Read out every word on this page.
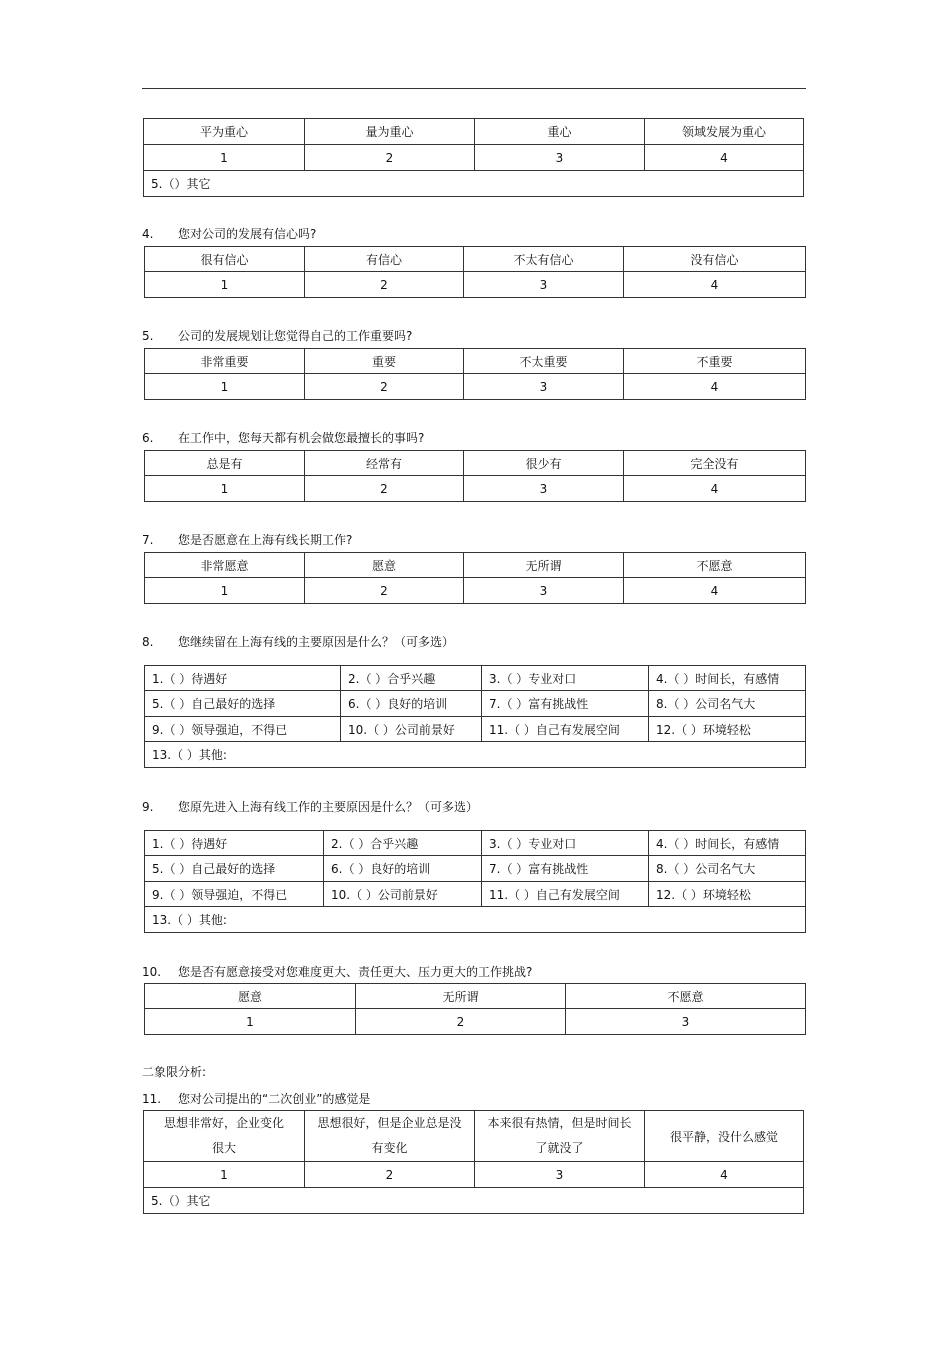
平为重心	量为重心	重心	领域发展为重心
1	2	3	4
5.（）其它			
4. 您对公司的发展有信心吗?
很有信心	有信心	不太有信心	没有信心
1	2	3	4
5. 公司的发展规划让您觉得自己的工作重要吗?
非常重要	重要	不太重要	不重要
1	2	3	4
6. 在工作中，您每天都有机会做您最擅长的事吗?
总是有	经常有	很少有	完全没有
1	2	3	4
7. 您是否愿意在上海有线长期工作?
非常愿意	愿意	无所谓	不愿意
1	2	3	4
8. 您继续留在上海有线的主要原因是什么？（可多选）
1.（ ）待遇好	2.（ ）合乎兴趣	3.（ ）专业对口	4.（ ）时间长，有感情
5.（ ）自己最好的选择	6.（ ）良好的培训	7.（ ）富有挑战性	8.（ ）公司名气大
9.（ ）领导强迫，不得已	10.（ ）公司前景好	11.（ ）自己有发展空间	12.（ ）环境轻松
13.（ ）其他:			
9. 您原先进入上海有线工作的主要原因是什么？（可多选）
1.（ ）待遇好	2.（ ）合乎兴趣	3.（ ）专业对口	4.（ ）时间长，有感情
5.（ ）自己最好的选择	6.（ ）良好的培训	7.（ ）富有挑战性	8.（ ）公司名气大
9.（ ）领导强迫，不得已	10.（ ）公司前景好	11.（ ）自己有发展空间	12.（ ）环境轻松
13.（ ）其他:			
10. 您是否有愿意接受对您难度更大、责任更大、压力更大的工作挑战?
愿意	无所谓	不愿意
1	2	3
二象限分析:
11. 您对公司提出的“二次创业”的感觉是
思想非常好，企业变化很大	思想很好，但是企业总是没有变化	本来很有热情，但是时间长了就没了	很平静，没什么感觉
1	2	3	4
5.（）其它			
